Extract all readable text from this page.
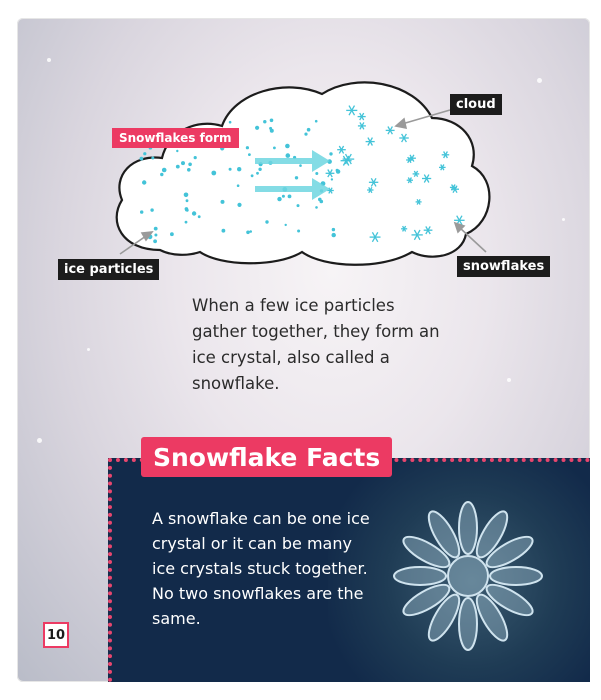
cloud
Snowflakes form
ice particles	snowflakes

When a few ice particles gather together, they form an ice crystal, also called a snowflake.

A snowflake can be one ice crystal or it can be many ice crystals stuck together. No two snowflakes are the same.

Snowflake Facts
10
